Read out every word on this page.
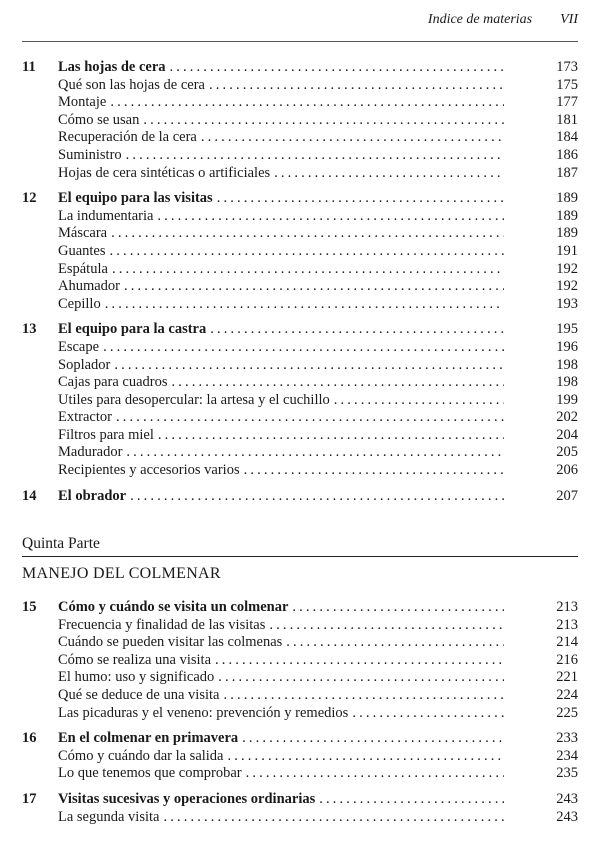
Indice de materias VII
11	Las hojas de cera . . .	173
Qué son las hojas de cera . . .	175
Montaje . . .	177
Cómo se usan . . .	181
Recuperación de la cera . . .	184
Suministro . . .	186
Hojas de cera sintéticas o artificiales . . .	187
12	El equipo para las visitas . . .	189
La indumentaria . . .	189
Máscara . . .	189
Guantes . . .	191
Espátula . . .	192
Ahumador . . .	192
Cepillo . . .	193
13	El equipo para la castra . . .	195
Escape . . .	196
Soplador . . .	198
Cajas para cuadros . . .	198
Utiles para desopercular: la artesa y el cuchillo . . .	199
Extractor . . .	202
Filtros para miel . . .	204
Madurador . . .	205
Recipientes y accesorios varios . . .	206
14	El obrador . . .	207
Quinta Parte
MANEJO DEL COLMENAR
15	Cómo y cuándo se visita un colmenar . . .	213
Frecuencia y finalidad de las visitas . . .	213
Cuándo se pueden visitar las colmenas . . .	214
Cómo se realiza una visita . . .	216
El humo: uso y significado . . .	221
Qué se deduce de una visita . . .	224
Las picaduras y el veneno: prevención y remedios . . .	225
16	En el colmenar en primavera . . .	233
Cómo y cuándo dar la salida . . .	234
Lo que tenemos que comprobar . . .	235
17	Visitas sucesivas y operaciones ordinarias . . .	243
La segunda visita . . .	243
